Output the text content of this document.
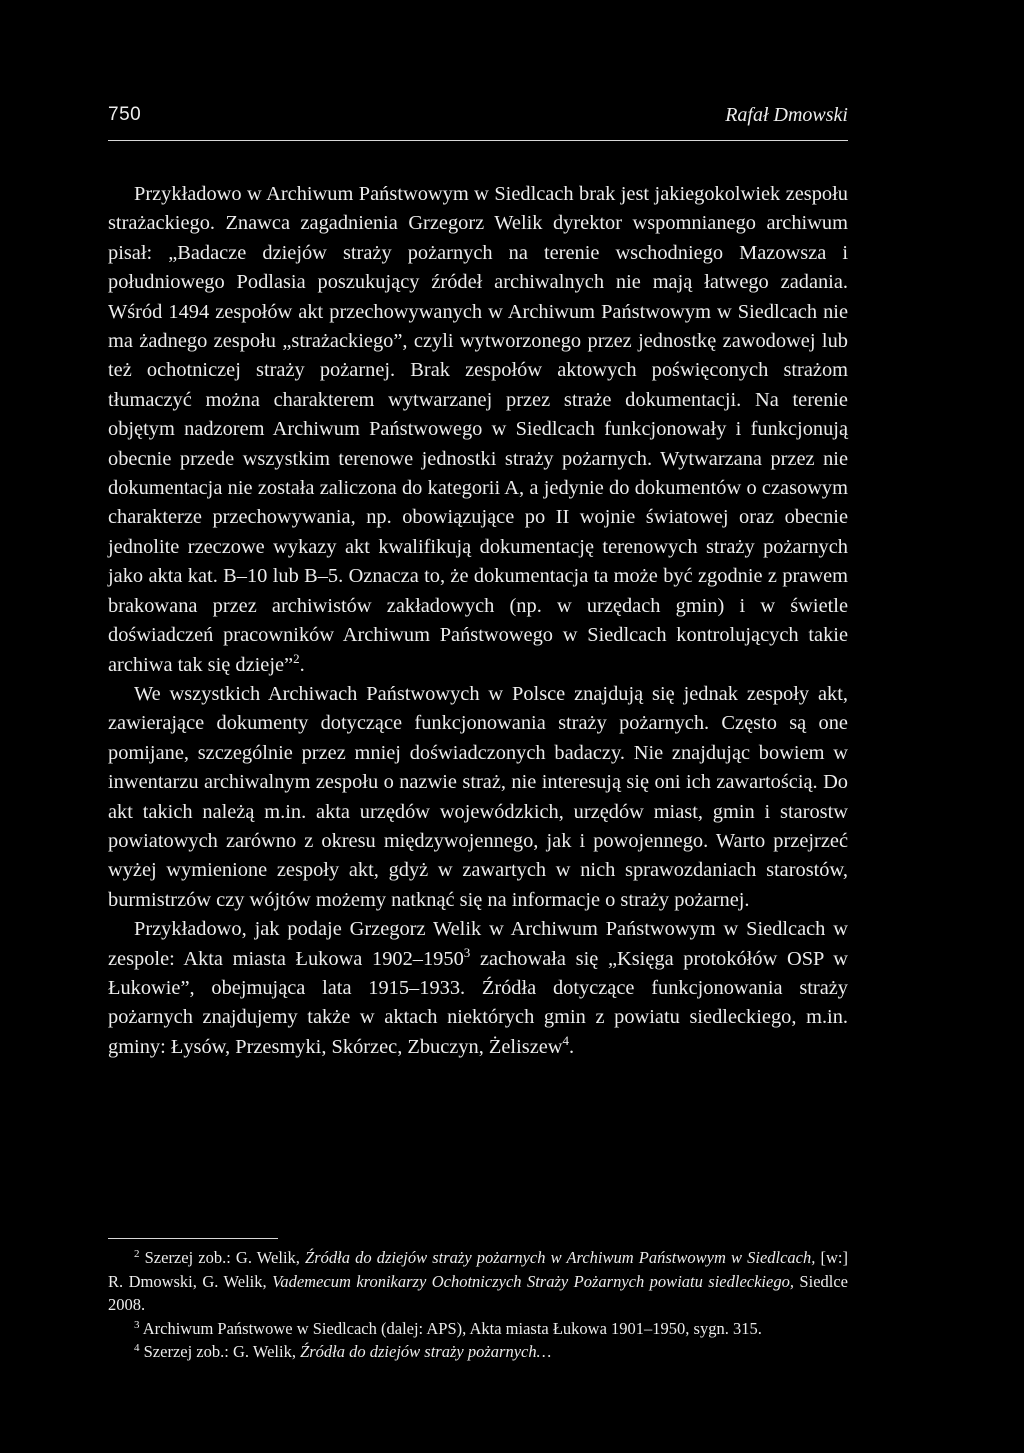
750	Rafał Dmowski

Przykładowo w Archiwum Państwowym w Siedlcach brak jest jakiegokolwiek zespołu strażackiego. Znawca zagadnienia Grzegorz Welik dyrektor wspomnianego archiwum pisał: „Badacze dziejów straży pożarnych na terenie wschodniego Mazowsza i południowego Podlasia poszukujący źródeł archiwalnych nie mają łatwego zadania. Wśród 1494 zespołów akt przechowywanych w Archiwum Państwowym w Siedlcach nie ma żadnego zespołu „strażackiego”, czyli wytworzonego przez jednostkę zawodowej lub też ochotniczej straży pożarnej. Brak zespołów aktowych poświęconych strażom tłumaczyć można charakterem wytwarzanej przez straże dokumentacji. Na terenie objętym nadzorem Archiwum Państwowego w Siedlcach funkcjonowały i funkcjonują obecnie przede wszystkim terenowe jednostki straży pożarnych. Wytwarzana przez nie dokumentacja nie została zaliczona do kategorii A, a jedynie do dokumentów o czasowym charakterze przechowywania, np. obowiązujące po II wojnie światowej oraz obecnie jednolite rzeczowe wykazy akt kwalifikują dokumentację terenowych straży pożarnych jako akta kat. B–10 lub B–5. Oznacza to, że dokumentacja ta może być zgodnie z prawem brakowana przez archiwistów zakładowych (np. w urzędach gmin) i w świetle doświadczeń pracowników Archiwum Państwowego w Siedlcach kontrolujących takie archiwa tak się dzieje”$^2$.

We wszystkich Archiwach Państwowych w Polsce znajdują się jednak zespoły akt, zawierające dokumenty dotyczące funkcjonowania straży pożarnych. Często są one pomijane, szczególnie przez mniej doświadczonych badaczy. Nie znajdując bowiem w inwentarzu archiwalnym zespołu o nazwie straż, nie interesują się oni ich zawartością. Do akt takich należą m.in. akta urzędów wojewódzkich, urzędów miast, gmin i starostw powiatowych zarówno z okresu międzywojennego, jak i powojennego. Warto przejrzeć wyżej wymienione zespoły akt, gdyż w zawartych w nich sprawozdaniach starostów, burmistrzów czy wójtów możemy natknąć się na informacje o straży pożarnej.

Przykładowo, jak podaje Grzegorz Welik w Archiwum Państwowym w Siedlcach w zespole: Akta miasta Łukowa 1902–1950$^3$ zachowała się „Księga protokółów OSP w Łukowie”, obejmująca lata 1915–1933. Źródła dotyczące funkcjonowania straży pożarnych znajdujemy także w aktach niektórych gmin z powiatu siedleckiego, m.in. gminy: Łysów, Przesmyki, Skórzec, Zbuczyn, Żeliszew$^4$.

$^2$ Szerzej zob.: G. Welik, Źródła do dziejów straży pożarnych w Archiwum Państwowym w Siedlcach, [w:] R. Dmowski, G. Welik, Vademecum kronikarzy Ochotniczych Straży Pożarnych powiatu siedleckiego, Siedlce 2008.

$^3$ Archiwum Państwowe w Siedlcach (dalej: APS), Akta miasta Łukowa 1901–1950, sygn. 315.

$^4$ Szerzej zob.: G. Welik, Źródła do dziejów straży pożarnych…
